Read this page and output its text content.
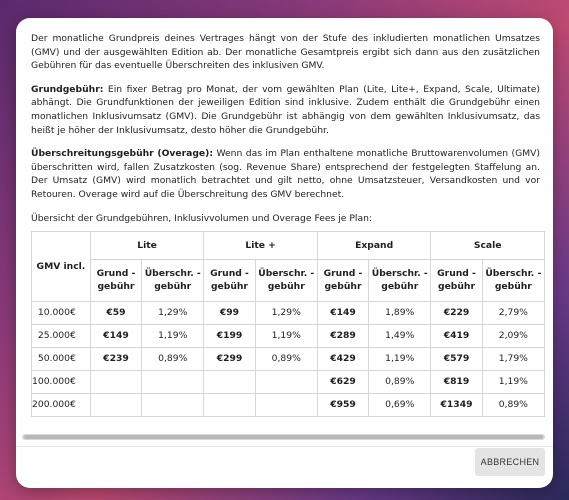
Der monatliche Grundpreis deines Vertrages hängt von der Stufe des inkludierten monatlichen Umsatzes (GMV) und der ausgewählten Edition ab. Der monatliche Gesamtpreis ergibt sich dann aus den zusätzlichen Gebühren für das eventuelle Überschreiten des inklusiven GMV.

Grundgebühr: Ein fixer Betrag pro Monat, der vom gewählten Plan (Lite, Lite+, Expand, Scale, Ultimate) abhängt. Die Grundfunktionen der jeweiligen Edition sind inklusive. Zudem enthält die Grundgebühr einen monatlichen Inklusivumsatz (GMV). Die Grundgebühr ist abhängig von dem gewählten Inklusivumsatz, das heißt je höher der Inklusivumsatz, desto höher die Grundgebühr.

Überschreitungsgebühr (Overage): Wenn das im Plan enthaltene monatliche Bruttowarenvolumen (GMV) überschritten wird, fallen Zusatzkosten (sog. Revenue Share) entsprechend der festgelegten Staffelung an. Der Umsatz (GMV) wird monatlich betrachtet und gilt netto, ohne Umsatzsteuer, Versandkosten und vor Retouren. Overage wird auf die Überschreitung des GMV berechnet.

Übersicht der Grundgebühren, Inklusivvolumen und Overage Fees je Plan:

GMV incl.	Lite		Lite +		Expand		Scale	
	Grund - gebühr	Überschr. - gebühr	Grund - gebühr	Überschr. - gebühr	Grund - gebühr	Überschr. - gebühr	Grund - gebühr	Überschr. - gebühr
10.000€	€59	1,29%	€99	1,29%	€149	1,89%	€229	2,79%
25.000€	€149	1,19%	€199	1,19%	€289	1,49%	€419	2,09%
50.000€	€239	0,89%	€299	0,89%	€429	1,19%	€579	1,79%
100.000€					€629	0,89%	€819	1,19%
200.000€					€959	0,69%	€1349	0,89%
ABBRECHEN
